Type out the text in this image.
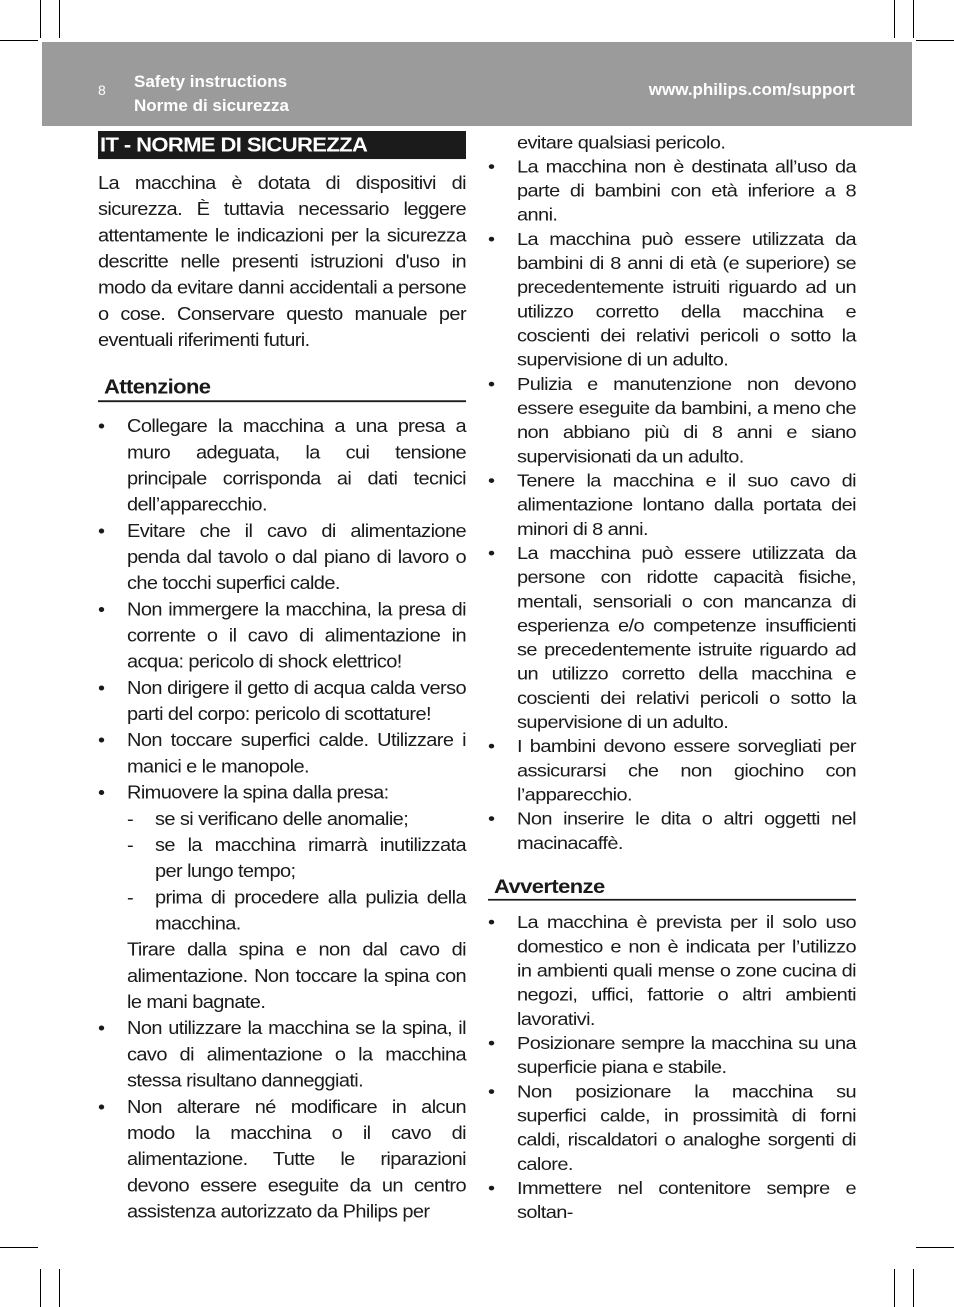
8 Safety instructions
Norme di sicurezza
www.philips.com/support
IT - NORME DI SICUREZZA

La macchina è dotata di dispositivi di sicurezza. È tuttavia necessario leggere attentamente le indicazioni per la sicurezza descritte nelle presenti istruzioni d'uso in modo da evitare danni accidentali a persone o cose. Conservare questo manuale per eventuali riferimenti futuri.

Attenzione
• Collegare la macchina a una presa a muro adeguata, la cui tensione principale corrisponda ai dati tecnici dell’apparecchio.
• Evitare che il cavo di alimentazione penda dal tavolo o dal piano di lavoro o che tocchi superfici calde.
• Non immergere la macchina, la presa di corrente o il cavo di alimentazione in acqua: pericolo di shock elettrico!
• Non dirigere il getto di acqua calda verso parti del corpo: pericolo di scottature!
• Non toccare superfici calde. Utilizzare i manici e le manopole.
• Rimuovere la spina dalla presa:
- se si verificano delle anomalie;
- se la macchina rimarrà inutilizzata per lungo tempo;
- prima di procedere alla pulizia della macchina.
Tirare dalla spina e non dal cavo di alimentazione. Non toccare la spina con le mani bagnate.
• Non utilizzare la macchina se la spina, il cavo di alimentazione o la macchina stessa risultano danneggiati.
• Non alterare né modificare in alcun modo la macchina o il cavo di alimentazione. Tutte le riparazioni devono essere eseguite da un centro assistenza autorizzato da Philips per
evitare qualsiasi pericolo.
• La macchina non è destinata all’uso da parte di bambini con età inferiore a 8 anni.
• La macchina può essere utilizzata da bambini di 8 anni di età (e superiore) se precedentemente istruiti riguardo ad un utilizzo corretto della macchina e coscienti dei relativi pericoli o sotto la supervisione di un adulto.
• Pulizia e manutenzione non devono essere eseguite da bambini, a meno che non abbiano più di 8 anni e siano supervisionati da un adulto.
• Tenere la macchina e il suo cavo di alimentazione lontano dalla portata dei minori di 8 anni.
• La macchina può essere utilizzata da persone con ridotte capacità fisiche, mentali, sensoriali o con mancanza di esperienza e/o competenze insufficienti se precedentemente istruite riguardo ad un utilizzo corretto della macchina e coscienti dei relativi pericoli o sotto la supervisione di un adulto.
• I bambini devono essere sorvegliati per assicurarsi che non giochino con l’apparecchio.
• Non inserire le dita o altri oggetti nel macinacaffè.
Avvertenze
• La macchina è prevista per il solo uso domestico e non è indicata per l’utilizzo in ambienti quali mense o zone cucina di negozi, uffici, fattorie o altri ambienti lavorativi.
• Posizionare sempre la macchina su una superficie piana e stabile.
• Non posizionare la macchina su superfici calde, in prossimità di forni caldi, riscaldatori o analoghe sorgenti di calore.
• Immettere nel contenitore sempre e soltan-
